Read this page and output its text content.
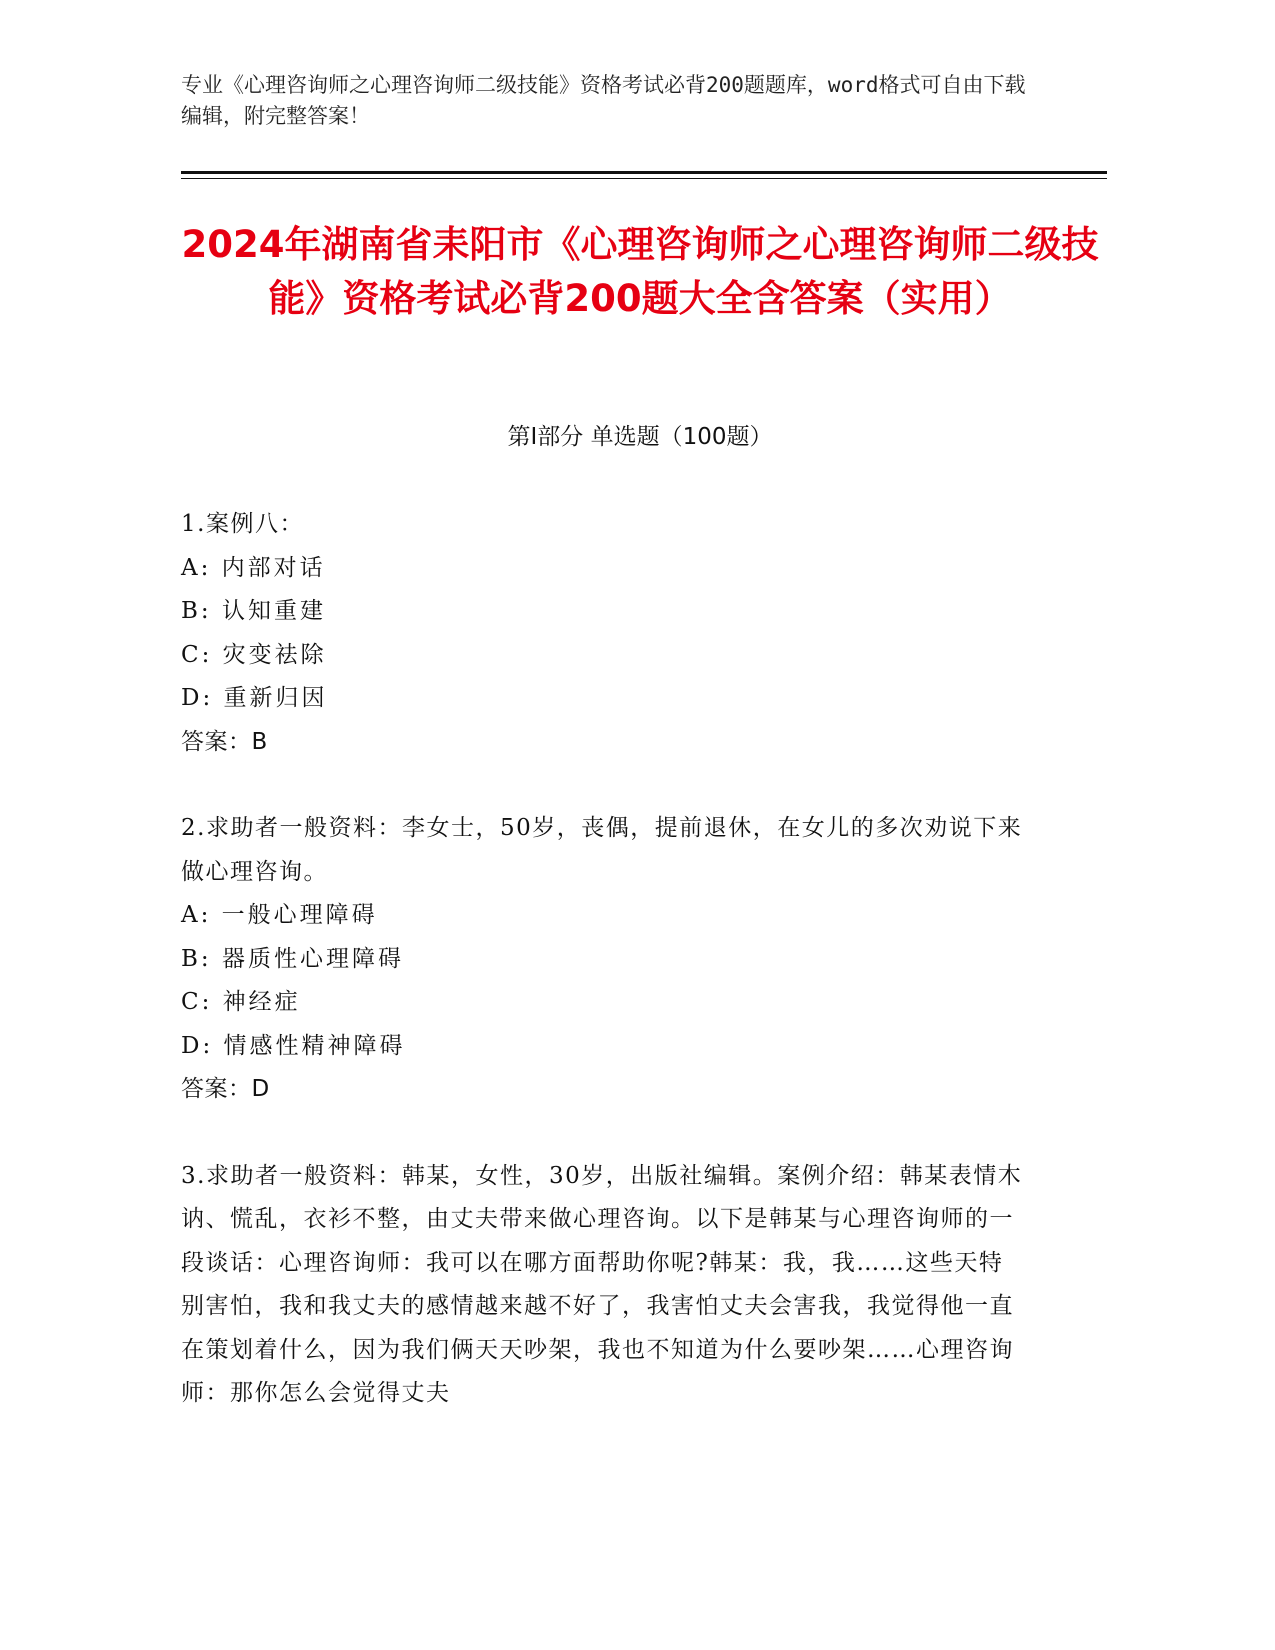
专业《心理咨询师之心理咨询师二级技能》资格考试必背200题题库，word格式可自由下载编辑，附完整答案！
2024年湖南省耒阳市《心理咨询师之心理咨询师二级技能》资格考试必背200题大全含答案（实用）
第Ⅰ部分 单选题（100题）
1.案例八：
A: 内部对话
B: 认知重建
C: 灾变祛除
D: 重新归因
答案：B
2.求助者一般资料：李女士，50岁，丧偶，提前退休，在女儿的多次劝说下来做心理咨询。
A: 一般心理障碍
B: 器质性心理障碍
C: 神经症
D: 情感性精神障碍
答案：D
3.求助者一般资料：韩某，女性，30岁，出版社编辑。案例介绍：韩某表情木讷、慌乱，衣衫不整，由丈夫带来做心理咨询。以下是韩某与心理咨询师的一段谈话：心理咨询师：我可以在哪方面帮助你呢?韩某：我，我……这些天特别害怕，我和我丈夫的感情越来越不好了，我害怕丈夫会害我，我觉得他一直在策划着什么，因为我们俩天天吵架，我也不知道为什么要吵架……心理咨询师：那你怎么会觉得丈夫
